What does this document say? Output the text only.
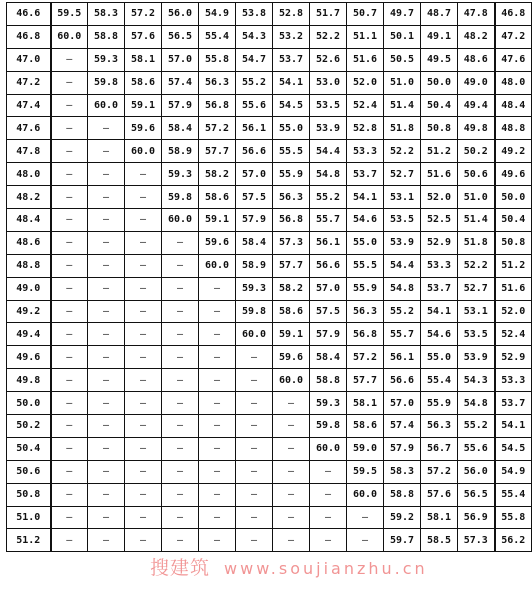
46.6	59.5	58.3	57.2	56.0	54.9	53.8	52.8	51.7	50.7	49.7	48.7	47.8	46.8
46.8	60.0	58.8	57.6	56.5	55.4	54.3	53.2	52.2	51.1	50.1	49.1	48.2	47.2
47.0	—	59.3	58.1	57.0	55.8	54.7	53.7	52.6	51.6	50.5	49.5	48.6	47.6
47.2	—	59.8	58.6	57.4	56.3	55.2	54.1	53.0	52.0	51.0	50.0	49.0	48.0
47.4	—	60.0	59.1	57.9	56.8	55.6	54.5	53.5	52.4	51.4	50.4	49.4	48.4
47.6	—	—	59.6	58.4	57.2	56.1	55.0	53.9	52.8	51.8	50.8	49.8	48.8
47.8	—	—	60.0	58.9	57.7	56.6	55.5	54.4	53.3	52.2	51.2	50.2	49.2
48.0	—	—	—	59.3	58.2	57.0	55.9	54.8	53.7	52.7	51.6	50.6	49.6
48.2	—	—	—	59.8	58.6	57.5	56.3	55.2	54.1	53.1	52.0	51.0	50.0
48.4	—	—	—	60.0	59.1	57.9	56.8	55.7	54.6	53.5	52.5	51.4	50.4
48.6	—	—	—	—	59.6	58.4	57.3	56.1	55.0	53.9	52.9	51.8	50.8
48.8	—	—	—	—	60.0	58.9	57.7	56.6	55.5	54.4	53.3	52.2	51.2
49.0	—	—	—	—	—	59.3	58.2	57.0	55.9	54.8	53.7	52.7	51.6
49.2	—	—	—	—	—	59.8	58.6	57.5	56.3	55.2	54.1	53.1	52.0
49.4	—	—	—	—	—	60.0	59.1	57.9	56.8	55.7	54.6	53.5	52.4
49.6	—	—	—	—	—	—	59.6	58.4	57.2	56.1	55.0	53.9	52.9
49.8	—	—	—	—	—	—	60.0	58.8	57.7	56.6	55.4	54.3	53.3
50.0	—	—	—	—	—	—	—	59.3	58.1	57.0	55.9	54.8	53.7
50.2	—	—	—	—	—	—	—	59.8	58.6	57.4	56.3	55.2	54.1
50.4	—	—	—	—	—	—	—	60.0	59.0	57.9	56.7	55.6	54.5
50.6	—	—	—	—	—	—	—	—	59.5	58.3	57.2	56.0	54.9
50.8	—	—	—	—	—	—	—	—	60.0	58.8	57.6	56.5	55.4
51.0	—	—	—	—	—	—	—	—	—	59.2	58.1	56.9	55.8
51.2	—	—	—	—	—	—	—	—	—	59.7	58.5	57.3	56.2
搜建筑 www.soujianzhu.cn
